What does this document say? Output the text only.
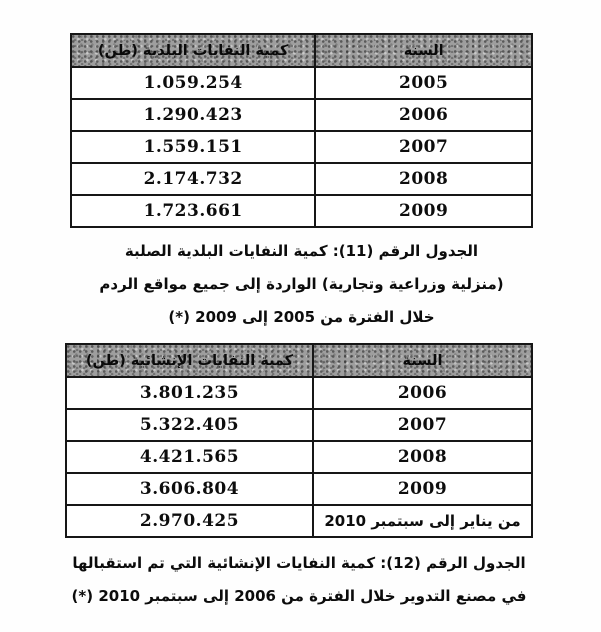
السنة	كمية النفايات البلدية (طن)
2005	1.059.254
2006	1.290.423
2007	1.559.151
2008	2.174.732
2009	1.723.661
الجدول الرقم (11): كمية النفايات البلدية الصلبة
(منزلية وزراعية وتجارية) الواردة إلى جميع مواقع الردم
خلال الفترة من 2005 إلى 2009 (*)
السنة	كمية النفايات الإنشائية (طن)
2006	3.801.235
2007	5.322.405
2008	4.421.565
2009	3.606.804
من يناير إلى سبتمبر 2010	2.970.425
الجدول الرقم (12): كمية النفايات الإنشائية التي تم استقبالها
في مصنع التدوير خلال الفترة من 2006 إلى سبتمبر 2010 (*)
